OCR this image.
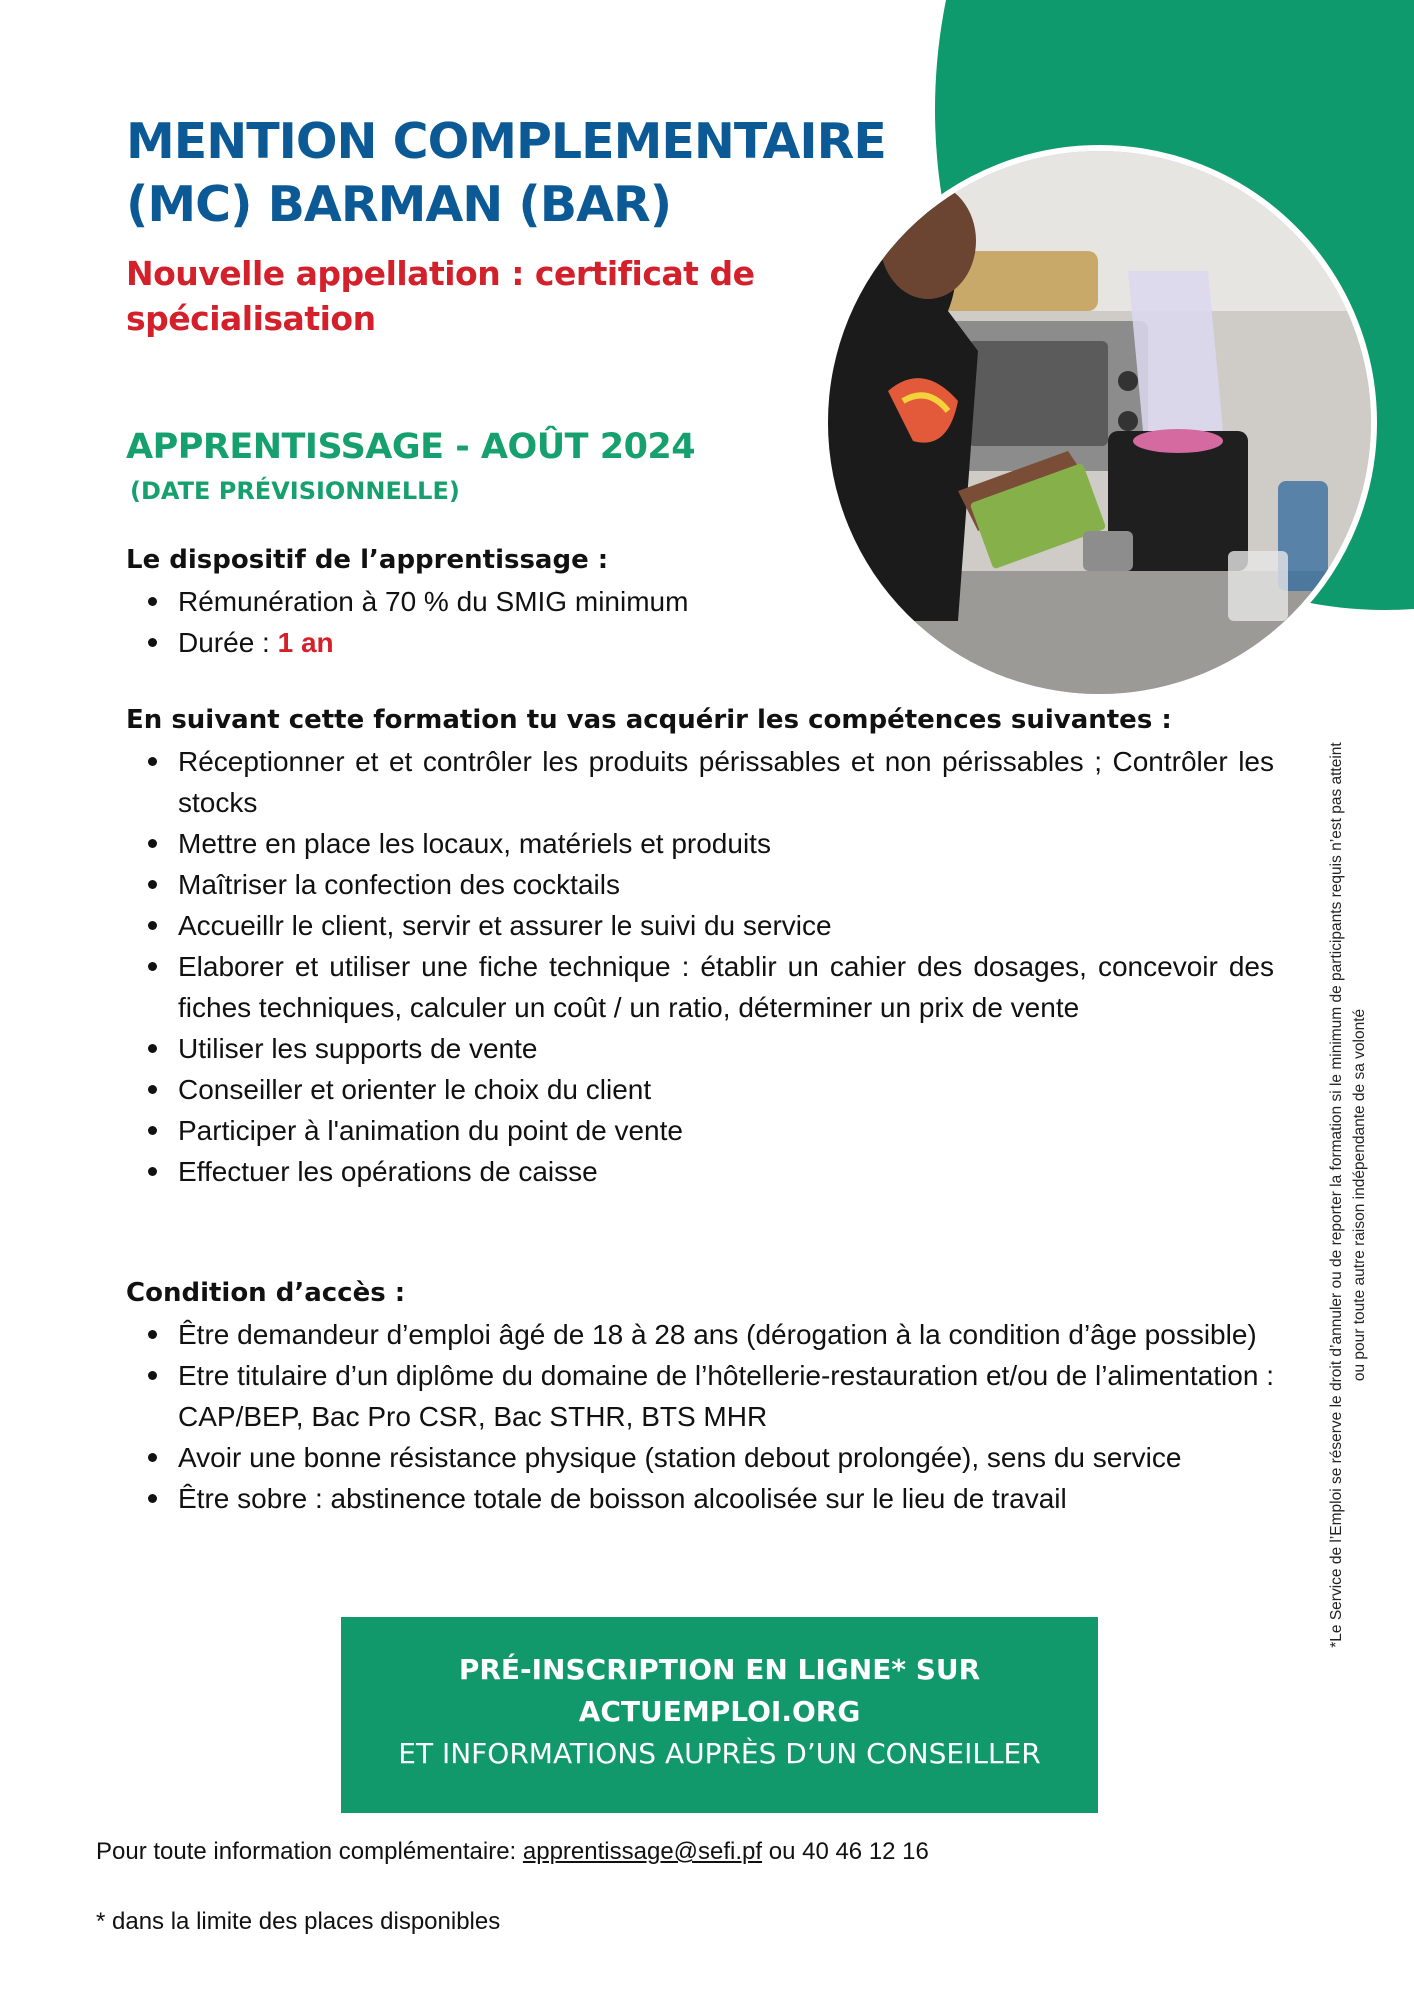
MENTION COMPLEMENTAIRE
(MC) BARMAN (BAR)

Nouvelle appellation : certificat de spécialisation

APPRENTISSAGE - AOÛT 2024

(DATE PRÉVISIONNELLE)

Le dispositif de l’apprentissage :
Rémunération à 70 % du SMIG minimum
Durée : 1 an
En suivant cette formation tu vas acquérir les compétences suivantes :
Réceptionner et et contrôler les produits périssables et non périssables ; Contrôler les stocks
Mettre en place les locaux, matériels et produits
Maîtriser la confection des cocktails
Accueillr le client, servir et assurer le suivi du service
Elaborer et utiliser une fiche technique : établir un cahier des dosages, concevoir des fiches techniques, calculer un coût / un ratio, déterminer un prix de vente
Utiliser les supports de vente
Conseiller et orienter le choix du client
Participer à l'animation du point de vente
Effectuer les opérations de caisse
Condition d’accès :
Être demandeur d’emploi âgé de 18 à 28 ans (dérogation à la condition d’âge possible)
Etre titulaire d’un diplôme du domaine de l’hôtellerie-restauration et/ou de l’alimentation : CAP/BEP, Bac Pro CSR, Bac STHR, BTS MHR
Avoir une bonne résistance physique (station debout prolongée), sens du service
Être sobre : abstinence totale de boisson alcoolisée sur le lieu de travail
PRÉ-INSCRIPTION EN LIGNE* SUR
ACTUEMPLOI.ORG
ET INFORMATIONS AUPRÈS D’UN CONSEILLER

Pour toute information complémentaire: apprentissage@sefi.pf ou 40 46 12 16

* dans la limite des places disponibles

*Le Service de l’Emploi se réserve le droit d’annuler ou de reporter la formation si le minimum de participants requis n’est pas atteint ou pour toute autre raison indépendante de sa volonté
